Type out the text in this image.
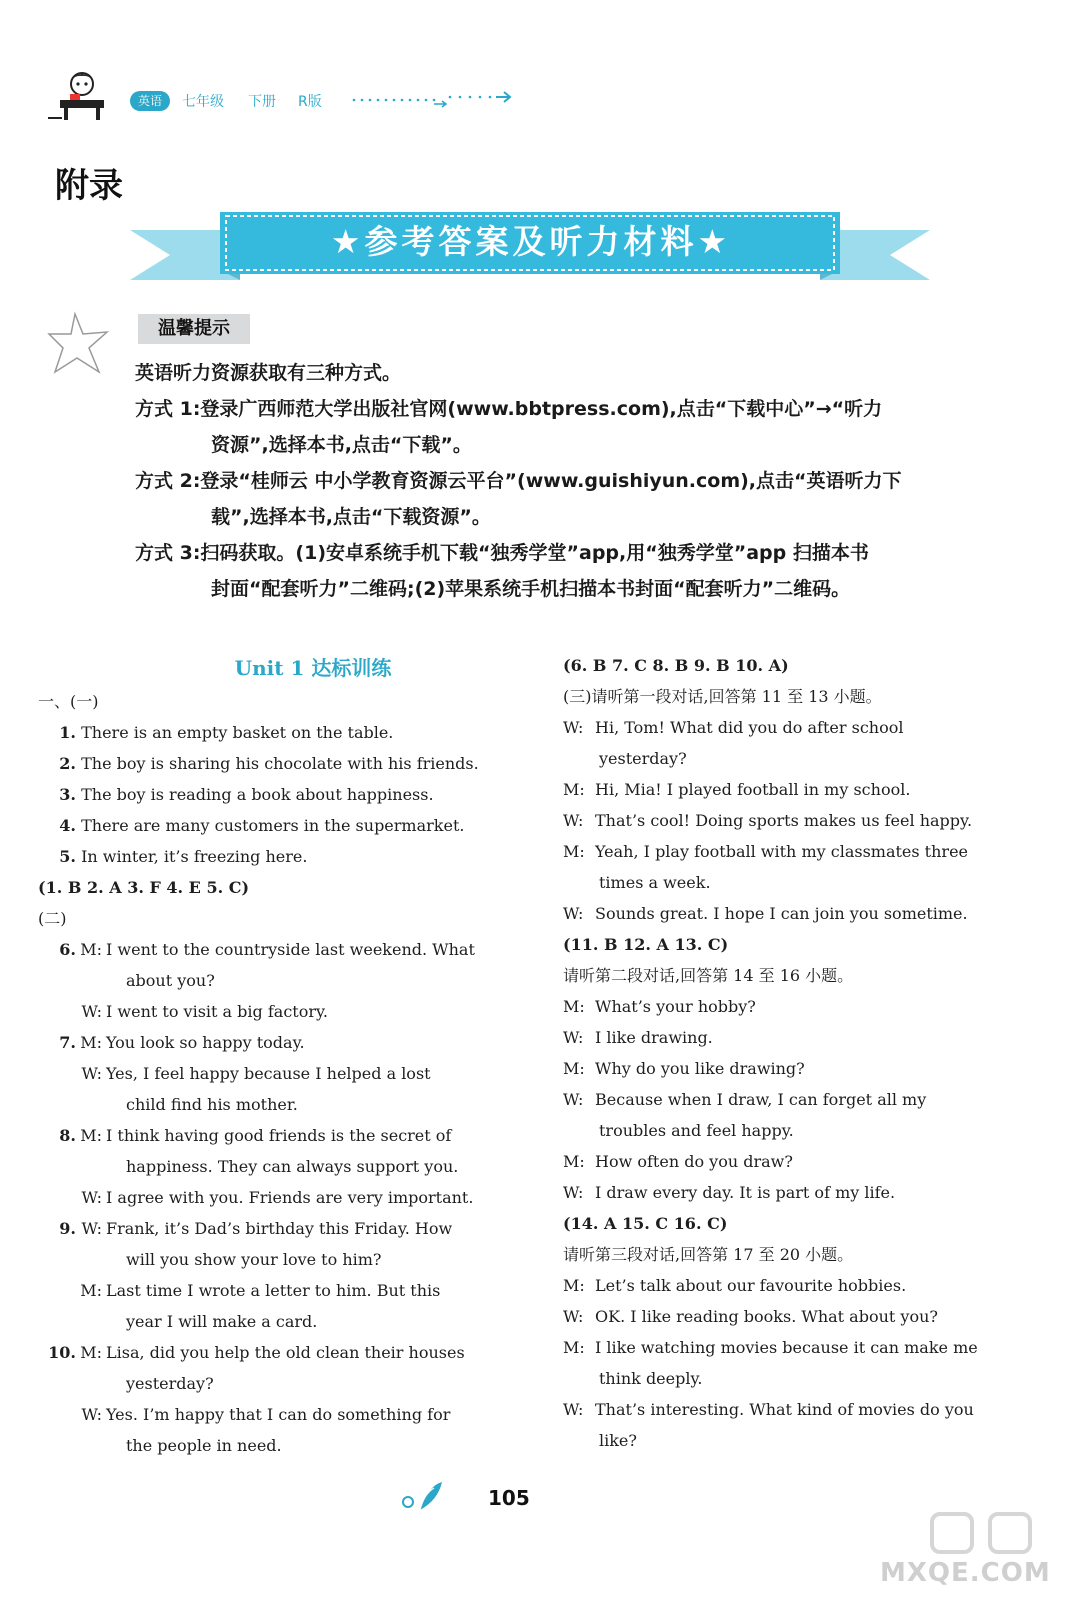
英语	七年级 下册 R版
附录
★参考答案及听力材料★
温馨提示
英语听力资源获取有三种方式。
方式 1:登录广西师范大学出版社官网(www.bbtpress.com),点击“下载中心”→“听力
资源”,选择本书,点击“下载”。
方式 2:登录“桂师云 中小学教育资源云平台”(www.guishiyun.com),点击“英语听力下
载”,选择本书,点击“下载资源”。
方式 3:扫码获取。(1)安卓系统手机下载“独秀学堂”app,用“独秀学堂”app 扫描本书
封面“配套听力”二维码;(2)苹果系统手机扫描本书封面“配套听力”二维码。
Unit 1 达标训练
一、(一)
1. There is an empty basket on the table.
2. The boy is sharing his chocolate with his friends.
3. The boy is reading a book about happiness.
4. There are many customers in the supermarket.
5. In winter, it’s freezing here.
(1. B 2. A 3. F 4. E 5. C)
(二)
6. M: I went to the countryside last weekend. What
about you?
W: I went to visit a big factory.
7. M: You look so happy today.
W: Yes, I feel happy because I helped a lost
child find his mother.
8. M: I think having good friends is the secret of
happiness. They can always support you.
W: I agree with you. Friends are very important.
9. W: Frank, it’s Dad’s birthday this Friday. How
will you show your love to him?
M: Last time I wrote a letter to him. But this
year I will make a card.
10. M: Lisa, did you help the old clean their houses
yesterday?
W: Yes. I’m happy that I can do something for
the people in need.
(6. B 7. C 8. B 9. B 10. A)
(三)请听第一段对话,回答第 11 至 13 小题。
W: Hi, Tom! What did you do after school
yesterday?
M: Hi, Mia! I played football in my school.
W: That’s cool! Doing sports makes us feel happy.
M: Yeah, I play football with my classmates three
times a week.
W: Sounds great. I hope I can join you sometime.
(11. B 12. A 13. C)
请听第二段对话,回答第 14 至 16 小题。
M: What’s your hobby?
W: I like drawing.
M: Why do you like drawing?
W: Because when I draw, I can forget all my
troubles and feel happy.
M: How often do you draw?
W: I draw every day. It is part of my life.
(14. A 15. C 16. C)
请听第三段对话,回答第 17 至 20 小题。
M: Let’s talk about our favourite hobbies.
W: OK. I like reading books. What about you?
M: I like watching movies because it can make me
think deeply.
W: That’s interesting. What kind of movies do you
like?
105
MXQE.COM
